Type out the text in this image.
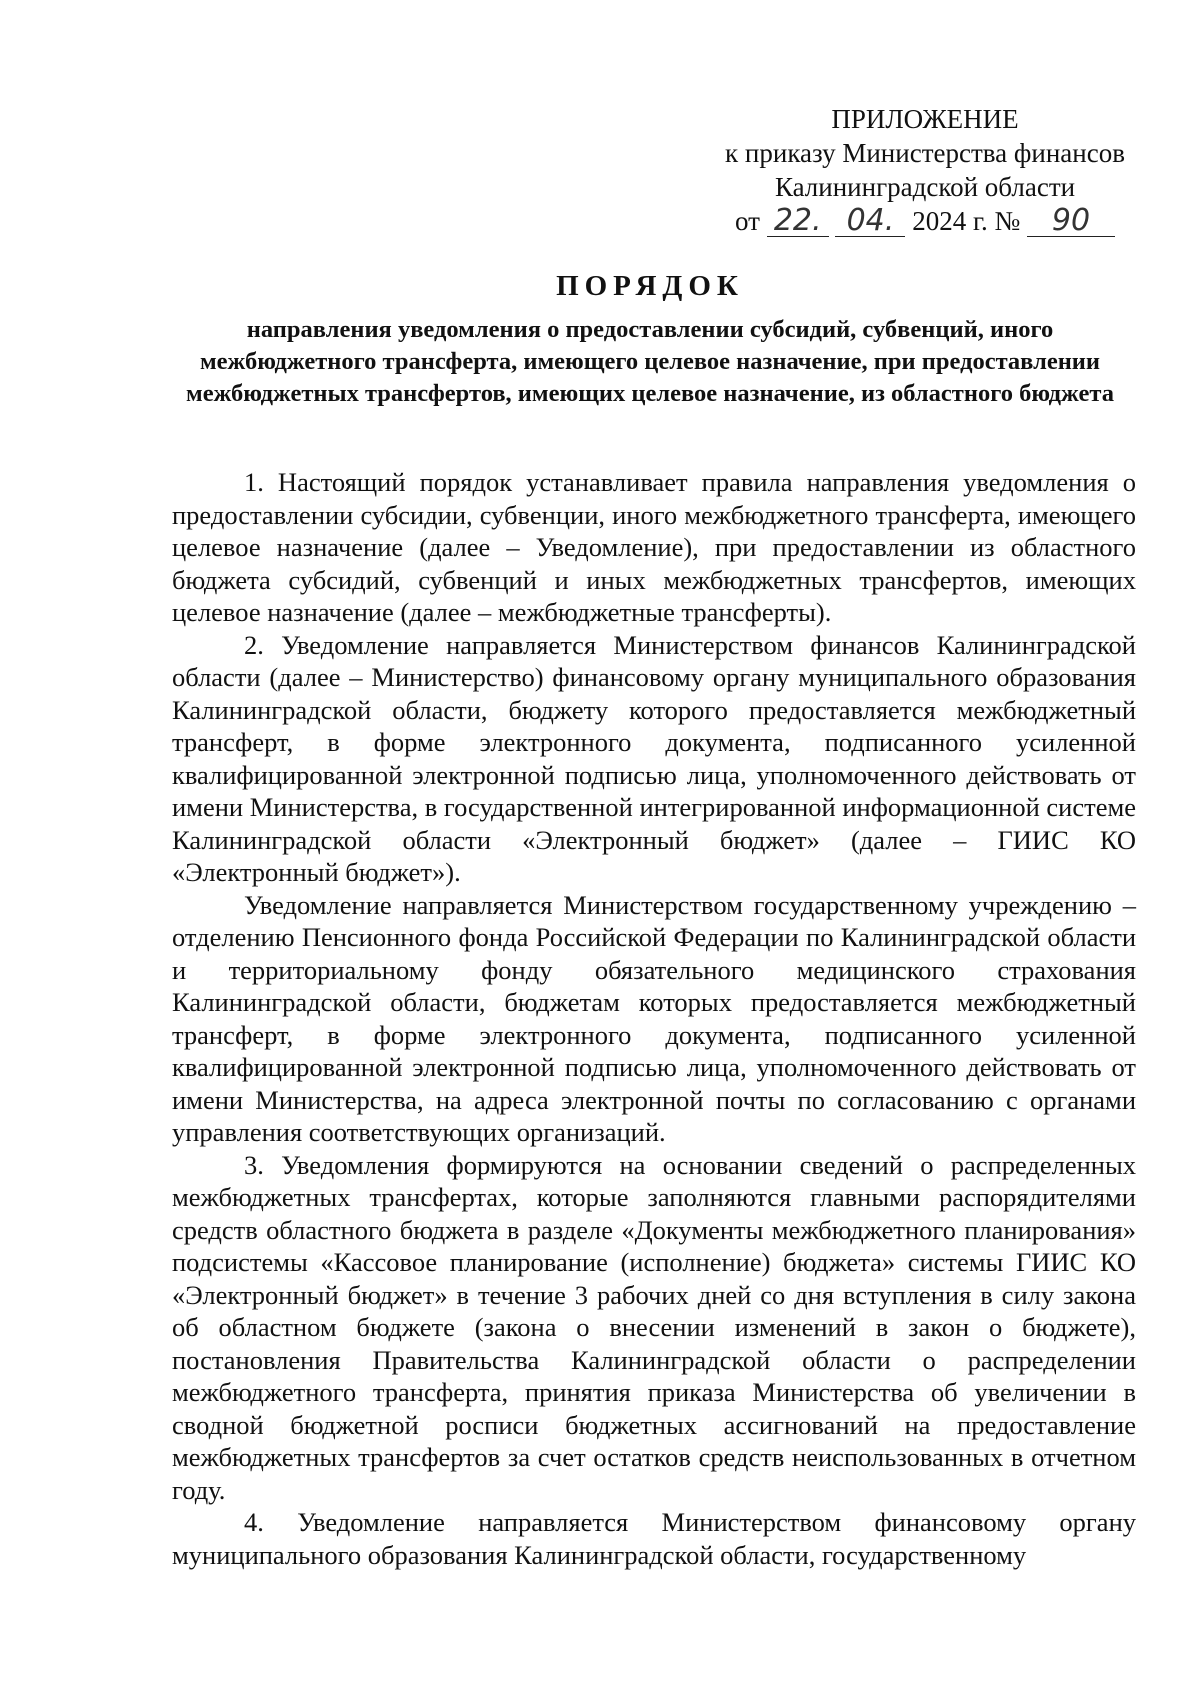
ПРИЛОЖЕНИЕ
к приказу Министерства финансов
Калининградской области
от 22. 04. 2024 г. № 90
ПОРЯДОК
направления уведомления о предоставлении субсидий, субвенций, иного межбюджетного трансферта, имеющего целевое назначение, при предоставлении межбюджетных трансфертов, имеющих целевое назначение, из областного бюджета

1. Настоящий порядок устанавливает правила направления уведомления о предоставлении субсидии, субвенции, иного межбюджетного трансферта, имеющего целевое назначение (далее – Уведомление), при предоставлении из областного бюджета субсидий, субвенций и иных межбюджетных трансфертов, имеющих целевое назначение (далее – межбюджетные трансферты).

2. Уведомление направляется Министерством финансов Калининградской области (далее – Министерство) финансовому органу муниципального образования Калининградской области, бюджету которого предоставляется межбюджетный трансферт, в форме электронного документа, подписанного усиленной квалифицированной электронной подписью лица, уполномоченного действовать от имени Министерства, в государственной интегрированной информационной системе Калининградской области «Электронный бюджет» (далее – ГИИС КО «Электронный бюджет»).

Уведомление направляется Министерством государственному учреждению – отделению Пенсионного фонда Российской Федерации по Калининградской области и территориальному фонду обязательного медицинского страхования Калининградской области, бюджетам которых предоставляется межбюджетный трансферт, в форме электронного документа, подписанного усиленной квалифицированной электронной подписью лица, уполномоченного действовать от имени Министерства, на адреса электронной почты по согласованию с органами управления соответствующих организаций.

3. Уведомления формируются на основании сведений о распределенных межбюджетных трансфертах, которые заполняются главными распорядителями средств областного бюджета в разделе «Документы межбюджетного планирования» подсистемы «Кассовое планирование (исполнение) бюджета» системы ГИИС КО «Электронный бюджет» в течение 3 рабочих дней со дня вступления в силу закона об областном бюджете (закона о внесении изменений в закон о бюджете), постановления Правительства Калининградской области о распределении межбюджетного трансферта, принятия приказа Министерства об увеличении в сводной бюджетной росписи бюджетных ассигнований на предоставление межбюджетных трансфертов за счет остатков средств неиспользованных в отчетном году.

4. Уведомление направляется Министерством финансовому органу муниципального образования Калининградской области, государственному
